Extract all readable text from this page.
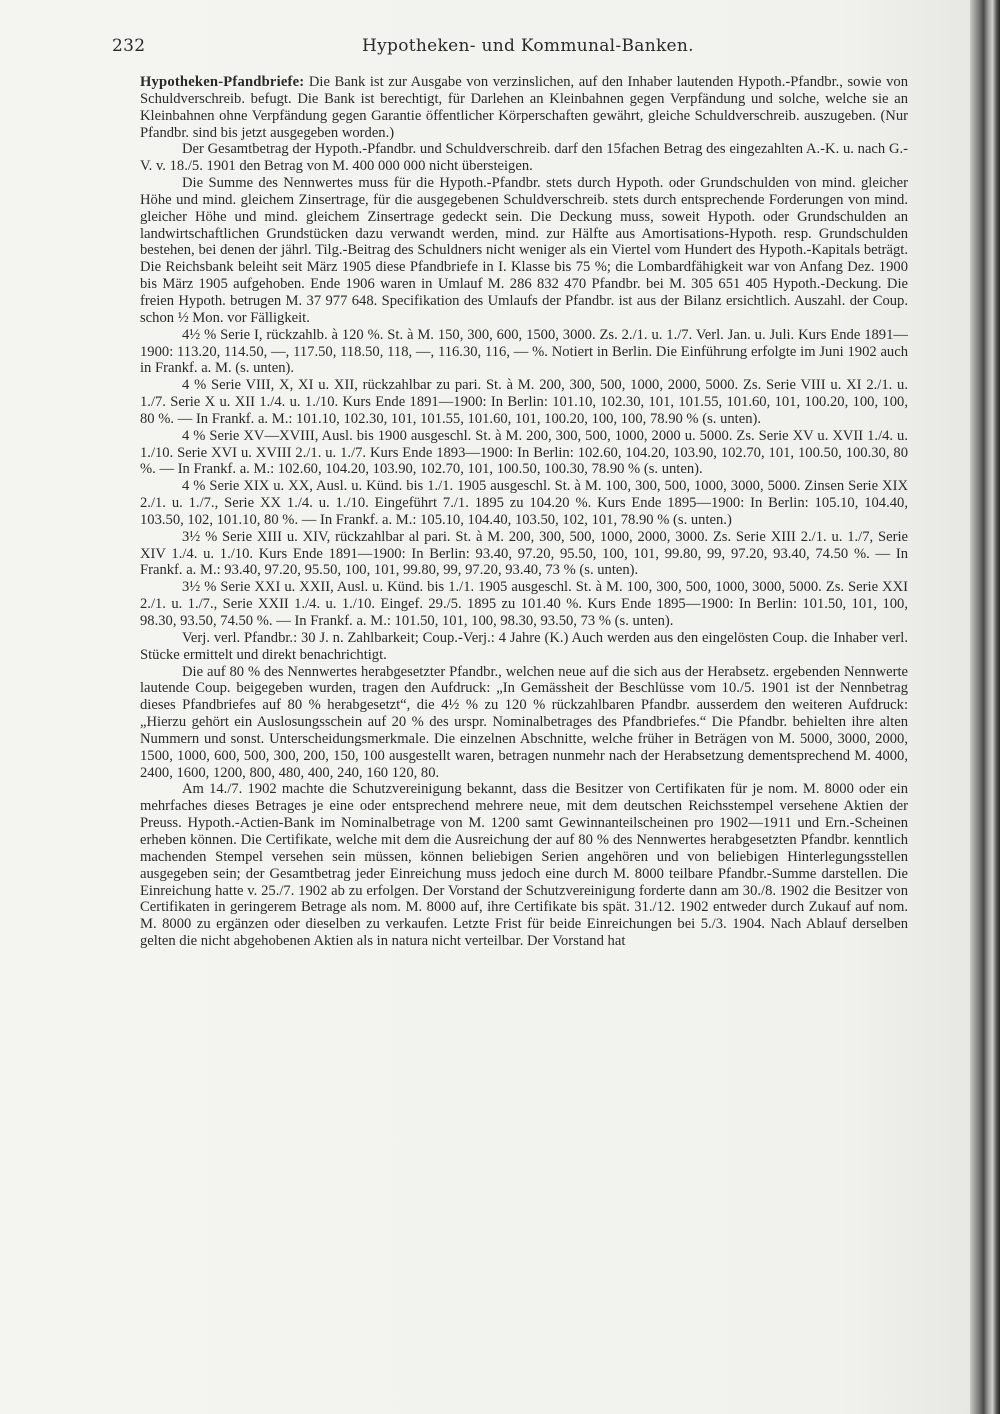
232	Hypotheken- und Kommunal-Banken.

Hypotheken-Pfandbriefe: Die Bank ist zur Ausgabe von verzinslichen, auf den Inhaber lautenden Hypoth.-Pfandbr., sowie von Schuldverschreib. befugt. Die Bank ist berechtigt, für Darlehen an Kleinbahnen gegen Verpfändung und solche, welche sie an Kleinbahnen ohne Verpfändung gegen Garantie öffentlicher Körperschaften gewährt, gleiche Schuldverschreib. auszugeben. (Nur Pfandbr. sind bis jetzt ausgegeben worden.)

Der Gesamtbetrag der Hypoth.-Pfandbr. und Schuldverschreib. darf den 15fachen Betrag des eingezahlten A.-K. u. nach G.-V. v. 18./5. 1901 den Betrag von M. 400 000 000 nicht übersteigen.

Die Summe des Nennwertes muss für die Hypoth.-Pfandbr. stets durch Hypoth. oder Grundschulden von mind. gleicher Höhe und mind. gleichem Zinsertrage, für die ausgegebenen Schuldverschreib. stets durch entsprechende Forderungen von mind. gleicher Höhe und mind. gleichem Zinsertrage gedeckt sein. Die Deckung muss, soweit Hypoth. oder Grundschulden an landwirtschaftlichen Grundstücken dazu verwandt werden, mind. zur Hälfte aus Amortisations-Hypoth. resp. Grundschulden bestehen, bei denen der jährl. Tilg.-Beitrag des Schuldners nicht weniger als ein Viertel vom Hundert des Hypoth.-Kapitals beträgt. Die Reichsbank beleiht seit März 1905 diese Pfandbriefe in I. Klasse bis 75 %; die Lombardfähigkeit war von Anfang Dez. 1900 bis März 1905 aufgehoben. Ende 1906 waren in Umlauf M. 286 832 470 Pfandbr. bei M. 305 651 405 Hypoth.-Deckung. Die freien Hypoth. betrugen M. 37 977 648. Specifikation des Umlaufs der Pfandbr. ist aus der Bilanz ersichtlich. Auszahl. der Coup. schon ½ Mon. vor Fälligkeit.

4½ % Serie I, rückzahlb. à 120 %. St. à M. 150, 300, 600, 1500, 3000. Zs. 2./1. u. 1./7. Verl. Jan. u. Juli. Kurs Ende 1891—1900: 113.20, 114.50, —, 117.50, 118.50, 118, —, 116.30, 116, — %. Notiert in Berlin. Die Einführung erfolgte im Juni 1902 auch in Frankf. a. M. (s. unten).

4 % Serie VIII, X, XI u. XII, rückzahlbar zu pari. St. à M. 200, 300, 500, 1000, 2000, 5000. Zs. Serie VIII u. XI 2./1. u. 1./7. Serie X u. XII 1./4. u. 1./10. Kurs Ende 1891—1900: In Berlin: 101.10, 102.30, 101, 101.55, 101.60, 101, 100.20, 100, 100, 80 %. — In Frankf. a. M.: 101.10, 102.30, 101, 101.55, 101.60, 101, 100.20, 100, 100, 78.90 % (s. unten).

4 % Serie XV—XVIII, Ausl. bis 1900 ausgeschl. St. à M. 200, 300, 500, 1000, 2000 u. 5000. Zs. Serie XV u. XVII 1./4. u. 1./10. Serie XVI u. XVIII 2./1. u. 1./7. Kurs Ende 1893—1900: In Berlin: 102.60, 104.20, 103.90, 102.70, 101, 100.50, 100.30, 80 %. — In Frankf. a. M.: 102.60, 104.20, 103.90, 102.70, 101, 100.50, 100.30, 78.90 % (s. unten).

4 % Serie XIX u. XX, Ausl. u. Künd. bis 1./1. 1905 ausgeschl. St. à M. 100, 300, 500, 1000, 3000, 5000. Zinsen Serie XIX 2./1. u. 1./7., Serie XX 1./4. u. 1./10. Eingeführt 7./1. 1895 zu 104.20 %. Kurs Ende 1895—1900: In Berlin: 105.10, 104.40, 103.50, 102, 101.10, 80 %. — In Frankf. a. M.: 105.10, 104.40, 103.50, 102, 101, 78.90 % (s. unten.)

3½ % Serie XIII u. XIV, rückzahlbar al pari. St. à M. 200, 300, 500, 1000, 2000, 3000. Zs. Serie XIII 2./1. u. 1./7, Serie XIV 1./4. u. 1./10. Kurs Ende 1891—1900: In Berlin: 93.40, 97.20, 95.50, 100, 101, 99.80, 99, 97.20, 93.40, 74.50 %. — In Frankf. a. M.: 93.40, 97.20, 95.50, 100, 101, 99.80, 99, 97.20, 93.40, 73 % (s. unten).

3½ % Serie XXI u. XXII, Ausl. u. Künd. bis 1./1. 1905 ausgeschl. St. à M. 100, 300, 500, 1000, 3000, 5000. Zs. Serie XXI 2./1. u. 1./7., Serie XXII 1./4. u. 1./10. Eingef. 29./5. 1895 zu 101.40 %. Kurs Ende 1895—1900: In Berlin: 101.50, 101, 100, 98.30, 93.50, 74.50 %. — In Frankf. a. M.: 101.50, 101, 100, 98.30, 93.50, 73 % (s. unten).

Verj. verl. Pfandbr.: 30 J. n. Zahlbarkeit; Coup.-Verj.: 4 Jahre (K.) Auch werden aus den eingelösten Coup. die Inhaber verl. Stücke ermittelt und direkt benachrichtigt.

Die auf 80 % des Nennwertes herabgesetzter Pfandbr., welchen neue auf die sich aus der Herabsetz. ergebenden Nennwerte lautende Coup. beigegeben wurden, tragen den Aufdruck: „In Gemässheit der Beschlüsse vom 10./5. 1901 ist der Nennbetrag dieses Pfandbriefes auf 80 % herabgesetzt“, die 4½ % zu 120 % rückzahlbaren Pfandbr. ausserdem den weiteren Aufdruck: „Hierzu gehört ein Auslosungsschein auf 20 % des urspr. Nominalbetrages des Pfandbriefes.“ Die Pfandbr. behielten ihre alten Nummern und sonst. Unterscheidungsmerkmale. Die einzelnen Abschnitte, welche früher in Beträgen von M. 5000, 3000, 2000, 1500, 1000, 600, 500, 300, 200, 150, 100 ausgestellt waren, betragen nunmehr nach der Herabsetzung dementsprechend M. 4000, 2400, 1600, 1200, 800, 480, 400, 240, 160 120, 80.

Am 14./7. 1902 machte die Schutzvereinigung bekannt, dass die Besitzer von Certifikaten für je nom. M. 8000 oder ein mehrfaches dieses Betrages je eine oder entsprechend mehrere neue, mit dem deutschen Reichsstempel versehene Aktien der Preuss. Hypoth.-Actien-Bank im Nominalbetrage von M. 1200 samt Gewinnanteilscheinen pro 1902—1911 und Ern.-Scheinen erheben können. Die Certifikate, welche mit dem die Ausreichung der auf 80 % des Nennwertes herabgesetzten Pfandbr. kenntlich machenden Stempel versehen sein müssen, können beliebigen Serien angehören und von beliebigen Hinterlegungsstellen ausgegeben sein; der Gesamtbetrag jeder Einreichung muss jedoch eine durch M. 8000 teilbare Pfandbr.-Summe darstellen. Die Einreichung hatte v. 25./7. 1902 ab zu erfolgen. Der Vorstand der Schutzvereinigung forderte dann am 30./8. 1902 die Besitzer von Certifikaten in geringerem Betrage als nom. M. 8000 auf, ihre Certifikate bis spät. 31./12. 1902 entweder durch Zukauf auf nom. M. 8000 zu ergänzen oder dieselben zu verkaufen. Letzte Frist für beide Einreichungen bei 5./3. 1904. Nach Ablauf derselben gelten die nicht abgehobenen Aktien als in natura nicht verteilbar. Der Vorstand hat
